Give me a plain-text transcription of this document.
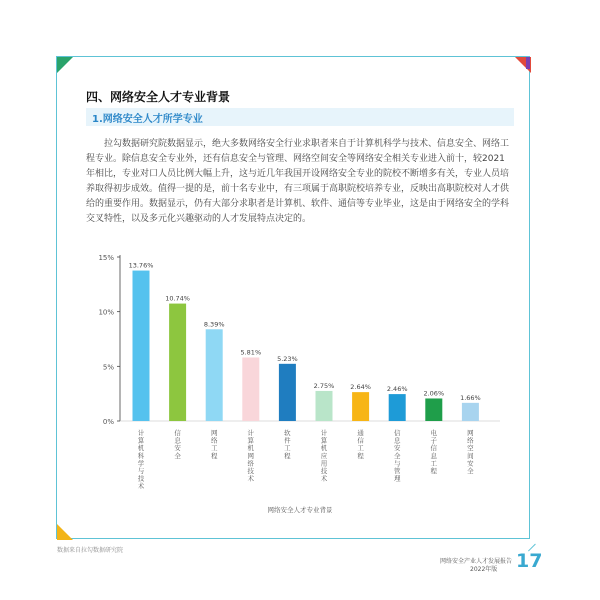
四、网络安全人才专业背景
1.网络安全人才所学专业
拉勾数据研究院数据显示，绝大多数网络安全行业求职者来自于计算机科学与技术、信息安全、网络工
程专业。除信息安全专业外，还有信息安全与管理、网络空间安全等网络安全相关专业进入前十，较2021
年相比，专业对口人员比例大幅上升，这与近几年我国开设网络安全专业的院校不断增多有关，专业人员培
养取得初步成效。值得一提的是，前十名专业中，有三项属于高职院校培养专业，反映出高职院校对人才供
给的重要作用。数据显示，仍有大部分求职者是计算机、软件、通信等专业毕业，这是由于网络安全的学科
交叉特性，以及多元化兴趣驱动的人才发展特点决定的。
0%
5%
10%
15%
13.76%
计算机科学与技术
10.74%
信息安全
8.39%
网络工程
5.81%
计算机网络技术
5.23%
软件工程
2.75%
计算机应用技术
2.64%
通信工程
2.46%
信息安全与管理
2.06%
电子信息工程
1.66%
网络空间安全
网络安全人才专业背景
数据来自拉勾数据研究院
网络安全产业人才发展报告
2022年版 17
